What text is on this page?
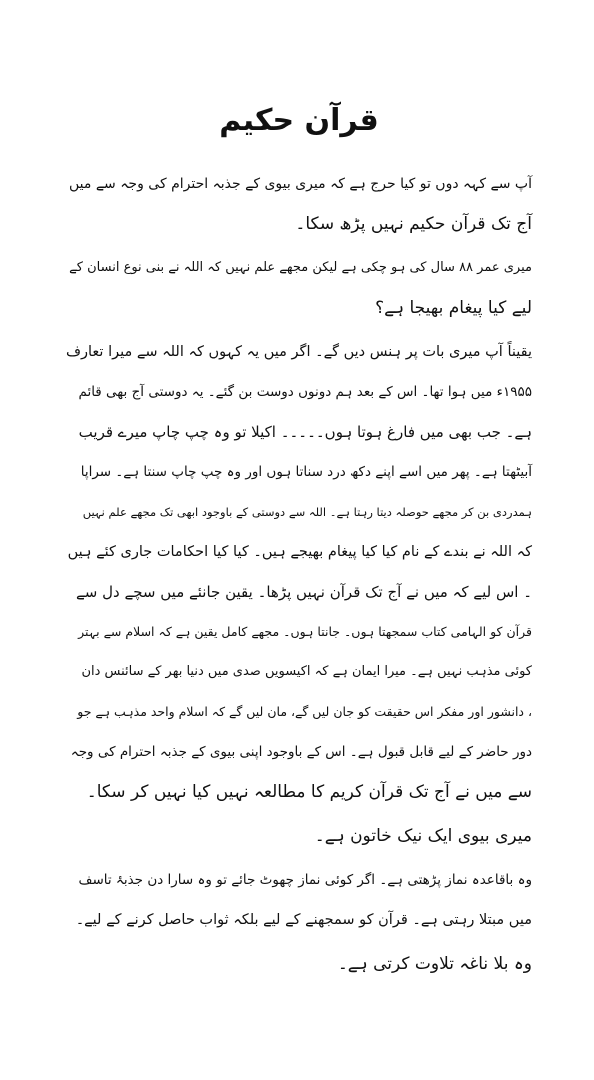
قرآن حکیم
آپ سے کہہ دوں تو کیا حرج ہے کہ میری بیوی کے جذبہ احترام کی وجہ سے میں
آج تک قرآن حکیم نہیں پڑھ سکا۔
میری عمر ۸۸ سال کی ہو چکی ہے لیکن مجھے علم نہیں کہ اللہ نے بنی نوع انسان کے
لیے کیا پیغام بھیجا ہے؟
یقیناً آپ میری بات پر ہنس دیں گے۔ اگر میں یہ کہوں کہ اللہ سے میرا تعارف
۱۹۵۵ء میں ہوا تھا۔ اس کے بعد ہم دونوں دوست بن گئے۔ یہ دوستی آج بھی قائم
ہے۔ جب بھی میں فارغ ہوتا ہوں۔۔۔۔۔ اکیلا تو وہ چپ چاپ میرے قریب
آبیٹھتا ہے۔ پھر میں اسے اپنے دکھ درد سناتا ہوں اور وہ چپ چاپ سنتا ہے۔ سراپا
ہمدردی بن کر مجھے حوصلہ دیتا رہتا ہے۔ اللہ سے دوستی کے باوجود ابھی تک مجھے علم نہیں
کہ اللہ نے بندے کے نام کیا کیا پیغام بھیجے ہیں۔ کیا کیا احکامات جاری کئے ہیں
۔ اس لیے کہ میں نے آج تک قرآن نہیں پڑھا۔ یقین جانئے میں سچے دل سے
قرآن کو الہامی کتاب سمجھتا ہوں۔ جانتا ہوں۔ مجھے کامل یقین ہے کہ اسلام سے بہتر
کوئی مذہب نہیں ہے۔ میرا ایمان ہے کہ اکیسویں صدی میں دنیا بھر کے سائنس دان
، دانشور اور مفکر اس حقیقت کو جان لیں گے، مان لیں گے کہ اسلام واحد مذہب ہے جو
دور حاضر کے لیے قابل قبول ہے۔ اس کے باوجود اپنی بیوی کے جذبہ احترام کی وجہ
سے میں نے آج تک قرآن کریم کا مطالعہ نہیں کیا نہیں کر سکا۔
میری بیوی ایک نیک خاتون ہے۔
وہ باقاعدہ نماز پڑھتی ہے۔ اگر کوئی نماز چھوٹ جائے تو وہ سارا دن جذبۂ تاسف
میں مبتلا رہتی ہے۔ قرآن کو سمجھنے کے لیے بلکہ ثواب حاصل کرنے کے لیے۔
وہ بلا ناغہ تلاوت کرتی ہے۔
